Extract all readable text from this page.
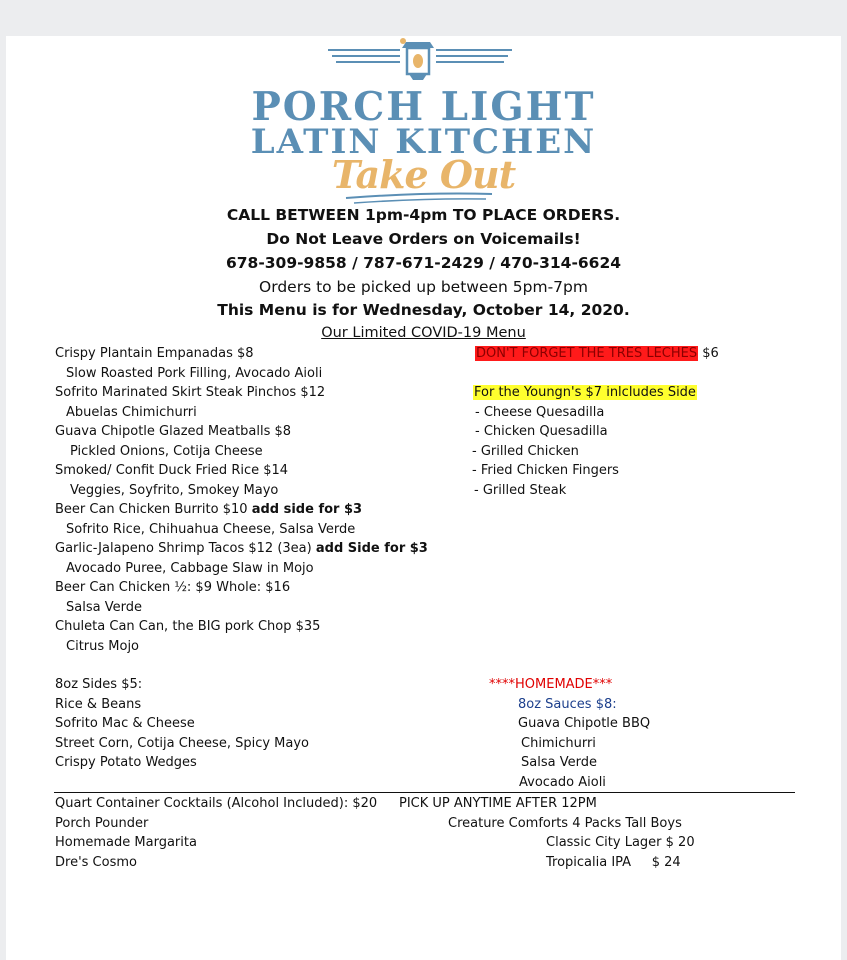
PORCH LIGHT
LATIN KITCHEN
Take Out
CALL BETWEEN 1pm-4pm TO PLACE ORDERS.
Do Not Leave Orders on Voicemails!
678-309-9858 / 787-671-2429 / 470-314-6624
Orders to be picked up between 5pm-7pm
This Menu is for Wednesday, October 14, 2020.
Our Limited COVID-19 Menu
Crispy Plantain Empanadas $8
Slow Roasted Pork Filling, Avocado Aioli
Sofrito Marinated Skirt Steak Pinchos $12
Abuelas Chimichurri
Guava Chipotle Glazed Meatballs $8
Pickled Onions, Cotija Cheese
Smoked/ Confit Duck Fried Rice $14
Veggies, Soyfrito, Smokey Mayo
Beer Can Chicken Burrito $10 add side for $3
Sofrito Rice, Chihuahua Cheese, Salsa Verde
Garlic-Jalapeno Shrimp Tacos $12 (3ea) add Side for $3
Avocado Puree, Cabbage Slaw in Mojo
Beer Can Chicken ½: $9 Whole: $16
Salsa Verde
Chuleta Can Can, the BIG pork Chop $35
Citrus Mojo
DON'T FORGET THE TRES LECHES $6
For the Youngn's $7 inlcludes Side
- Cheese Quesadilla
- Chicken Quesadilla
- Grilled Chicken
- Fried Chicken Fingers
- Grilled Steak
8oz Sides $5:
Rice & Beans
Sofrito Mac & Cheese
Street Corn, Cotija Cheese, Spicy Mayo
Crispy Potato Wedges
****HOMEMADE***
8oz Sauces $8:
Guava Chipotle BBQ
Chimichurri
Salsa Verde
Avocado Aioli
Quart Container Cocktails (Alcohol Included): $20
Porch Pounder
Homemade Margarita
Dre's Cosmo
PICK UP ANYTIME AFTER 12PM
Creature Comforts 4 Packs Tall Boys
Classic City Lager $ 20
Tropicalia IPA     $ 24
